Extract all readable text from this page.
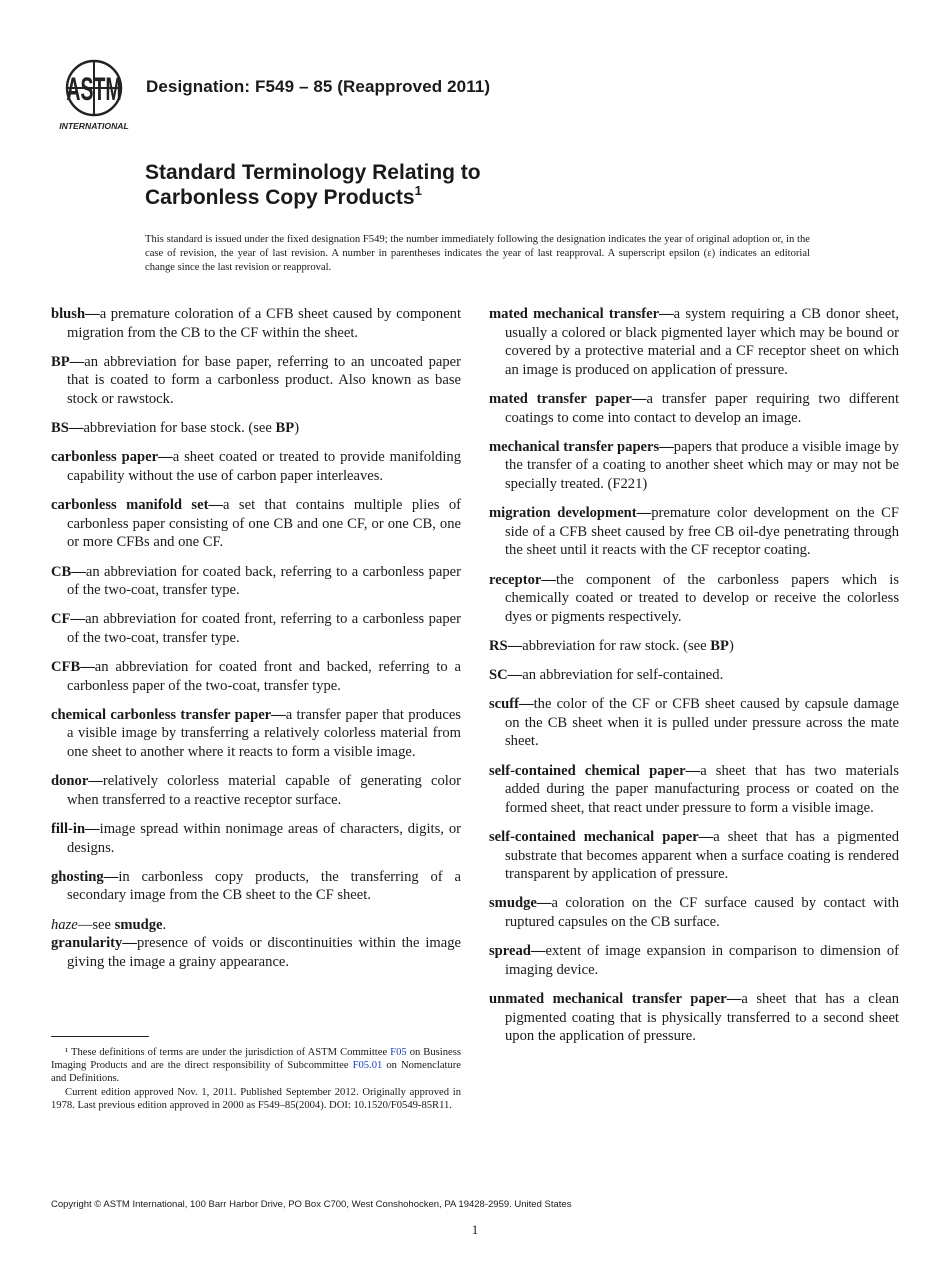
ASTM
INTERNATIONAL
Designation: F549 – 85 (Reapproved 2011)
Standard Terminology Relating to
Carbonless Copy Products$^1$
This standard is issued under the fixed designation F549; the number immediately following the designation indicates the year of original adoption or, in the case of revision, the year of last revision. A number in parentheses indicates the year of last reapproval. A superscript epsilon (ε) indicates an editorial change since the last revision or reapproval.

blush—a premature coloration of a CFB sheet caused by component migration from the CB to the CF within the sheet.

BP—an abbreviation for base paper, referring to an uncoated paper that is coated to form a carbonless product. Also known as base stock or rawstock.

BS—abbreviation for base stock. (see BP)

carbonless paper—a sheet coated or treated to provide manifolding capability without the use of carbon paper interleaves.

carbonless manifold set—a set that contains multiple plies of carbonless paper consisting of one CB and one CF, or one CB, one or more CFBs and one CF.

CB—an abbreviation for coated back, referring to a carbonless paper of the two-coat, transfer type.

CF—an abbreviation for coated front, referring to a carbonless paper of the two-coat, transfer type.

CFB—an abbreviation for coated front and backed, referring to a carbonless paper of the two-coat, transfer type.

chemical carbonless transfer paper—a transfer paper that produces a visible image by transferring a relatively colorless material from one sheet to another where it reacts to form a visible image.

donor—relatively colorless material capable of generating color when transferred to a reactive receptor surface.

fill-in—image spread within nonimage areas of characters, digits, or designs.

ghosting—in carbonless copy products, the transferring of a secondary image from the CB sheet to the CF sheet.

haze—see smudge.

granularity—presence of voids or discontinuities within the image giving the image a grainy appearance.

mated mechanical transfer—a system requiring a CB donor sheet, usually a colored or black pigmented layer which may be bound or covered by a protective material and a CF receptor sheet on which an image is produced on application of pressure.

mated transfer paper—a transfer paper requiring two different coatings to come into contact to develop an image.

mechanical transfer papers—papers that produce a visible image by the transfer of a coating to another sheet which may or may not be specially treated. (F221)

migration development—premature color development on the CF side of a CFB sheet caused by free CB oil-dye penetrating through the sheet until it reacts with the CF receptor coating.

receptor—the component of the carbonless papers which is chemically coated or treated to develop or receive the colorless dyes or pigments respectively.

RS—abbreviation for raw stock. (see BP)

SC—an abbreviation for self-contained.

scuff—the color of the CF or CFB sheet caused by capsule damage on the CB sheet when it is pulled under pressure across the mate sheet.

self-contained chemical paper—a sheet that has two materials added during the paper manufacturing process or coated on the formed sheet, that react under pressure to form a visible image.

self-contained mechanical paper—a sheet that has a pigmented substrate that becomes apparent when a surface coating is rendered transparent by application of pressure.

smudge—a coloration on the CF surface caused by contact with ruptured capsules on the CB surface.

spread—extent of image expansion in comparison to dimension of imaging device.

unmated mechanical transfer paper—a sheet that has a clean pigmented coating that is physically transferred to a second sheet upon the application of pressure.

¹ These definitions of terms are under the jurisdiction of ASTM Committee F05 on Business Imaging Products and are the direct responsibility of Subcommittee F05.01 on Nomenclature and Definitions.

Current edition approved Nov. 1, 2011. Published September 2012. Originally approved in 1978. Last previous edition approved in 2000 as F549–85(2004). DOI: 10.1520/F0549-85R11.

Copyright © ASTM International, 100 Barr Harbor Drive, PO Box C700, West Conshohocken, PA 19428-2959. United States
1
